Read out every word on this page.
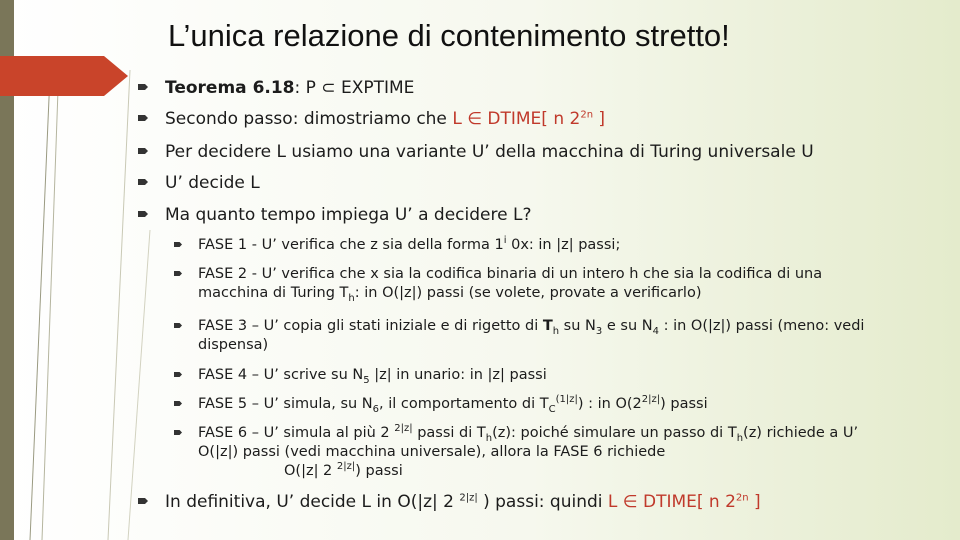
L’unica relazione di contenimento stretto!
Teorema 6.18: P ⊂ EXPTIME
Secondo passo: dimostriamo che L ∈ DTIME[ n $2^{2n}$ ]
Per decidere L usiamo una variante U’ della macchina di Turing universale U
U’ decide L
Ma quanto tempo impiega U’ a decidere L?
FASE 1 - U’ verifica che z sia della forma 1$^i$ 0x: in |z| passi;
FASE 2 - U’ verifica che x sia la codifica binaria di un intero h che sia la codifica di una
macchina di Turing $T_h$: in O(|z|) passi (se volete, provate a verificarlo)
FASE 3 – U’ copia gli stati iniziale e di rigetto di $T_h$ su $N_3$ e su $N_4$ : in O(|z|) passi (meno: vedi
dispensa)
FASE 4 – U’ scrive su $N_5$ |z| in unario: in |z| passi
FASE 5 – U’ simula, su $N_6$, il comportamento di $T_C^{(1|z|}$) : in $O(2^{2|z|})$ passi
FASE 6 – U’ simula al più 2 $^{2|z|}$ passi di $T_h(z)$: poiché simulare un passo di $T_h(z)$ richiede a U’
O(|z|) passi (vedi macchina universale), allora la FASE 6 richiede
O(|z| 2 $^{2|z|}$) passi
In definitiva, U’ decide L in O(|z| 2 $^{2|z|}$ ) passi: quindi L ∈ DTIME[ n $2^{2n}$ ]
